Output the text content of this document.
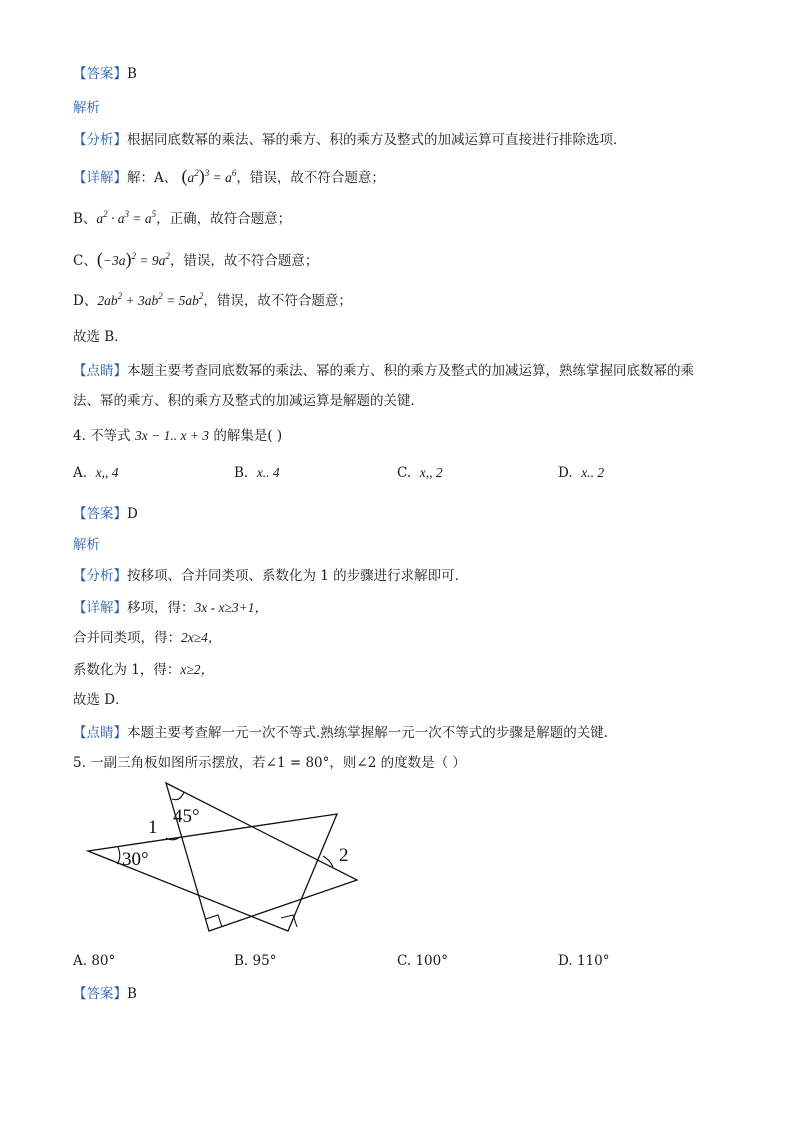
【答案】B
解析
【分析】根据同底数幂的乘法、幂的乘方、积的乘方及整式的加减运算可直接进行排除选项．
【详解】解：A、 $(a^2)^3 = a^6$，错误，故不符合题意；
B、$a^2 \cdot a^3 = a^5$，正确，故符合题意；
C、$(-3a)^2 = 9a^2$，错误，故不符合题意；
D、$2ab^2 + 3ab^2 = 5ab^2$，错误，故不符合题意；
故选 B．
【点睛】本题主要考查同底数幂的乘法、幂的乘方、积的乘方及整式的加减运算，熟练掌握同底数幂的乘
法、幂的乘方、积的乘方及整式的加减运算是解题的关键．
4. 不等式 3x − 1.. x + 3 的解集是( )
A. x,, 4	B. x.. 4	C. x,, 2	D. x.. 2
【答案】D
解析
【分析】按移项、合并同类项、系数化为 1 的步骤进行求解即可．
【详解】移项，得：3x - x≥3+1，
合并同类项，得：2x≥4，
系数化为 1，得：x≥2，
故选 D．
【点睛】本题主要考查解一元一次不等式.熟练掌握解一元一次不等式的步骤是解题的关键.
5. 一副三角板如图所示摆放，若∠1 = 80°，则∠2 的度数是（ ）
45°
1
30°	2
A. 80°	B. 95°	C. 100°	D. 110°
【答案】B
